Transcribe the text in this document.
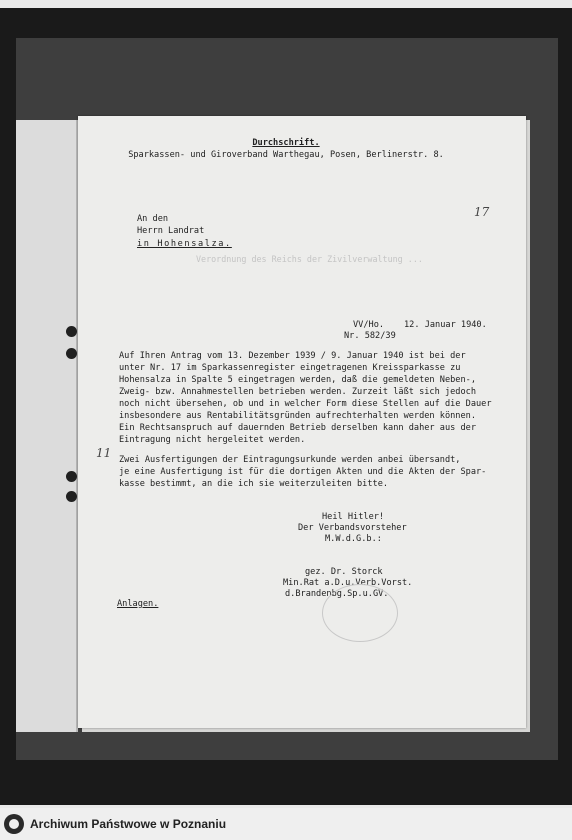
Durchschrift.
Sparkassen- und Giroverband Warthegau, Posen, Berlinerstr. 8.
An den
Herrn Landrat
in Hohensalza.
17
Verordnung des Reichs der Zivilverwaltung ...
VV/Ho. 12. Januar 1940.
Nr. 582/39
Auf Ihren Antrag vom 13. Dezember 1939 / 9. Januar 1940 ist bei der
unter Nr. 17 im Sparkassenregister eingetragenen Kreissparkasse zu
Hohensalza in Spalte 5 eingetragen werden, daß die gemeldeten Neben-,
Zweig- bzw. Annahmestellen betrieben werden. Zurzeit läßt sich jedoch
noch nicht übersehen, ob und in welcher Form diese Stellen auf die Dauer
insbesondere aus Rentabilitätsgründen aufrechterhalten werden können.
Ein Rechtsanspruch auf dauernden Betrieb derselben kann daher aus der
Eintragung nicht hergeleitet werden.
Zwei Ausfertigungen der Eintragungsurkunde werden anbei übersandt,
je eine Ausfertigung ist für die dortigen Akten und die Akten der Spar-
kasse bestimmt, an die ich sie weiterzuleiten bitte.
11
Heil Hitler!
Der Verbandsvorsteher
M.W.d.G.b.:
gez. Dr. Storck
Min.Rat a.D.u.Verb.Vorst.
d.Brandenbg.Sp.u.GV.
Anlagen.
Archiwum Państwowe w Poznaniu
